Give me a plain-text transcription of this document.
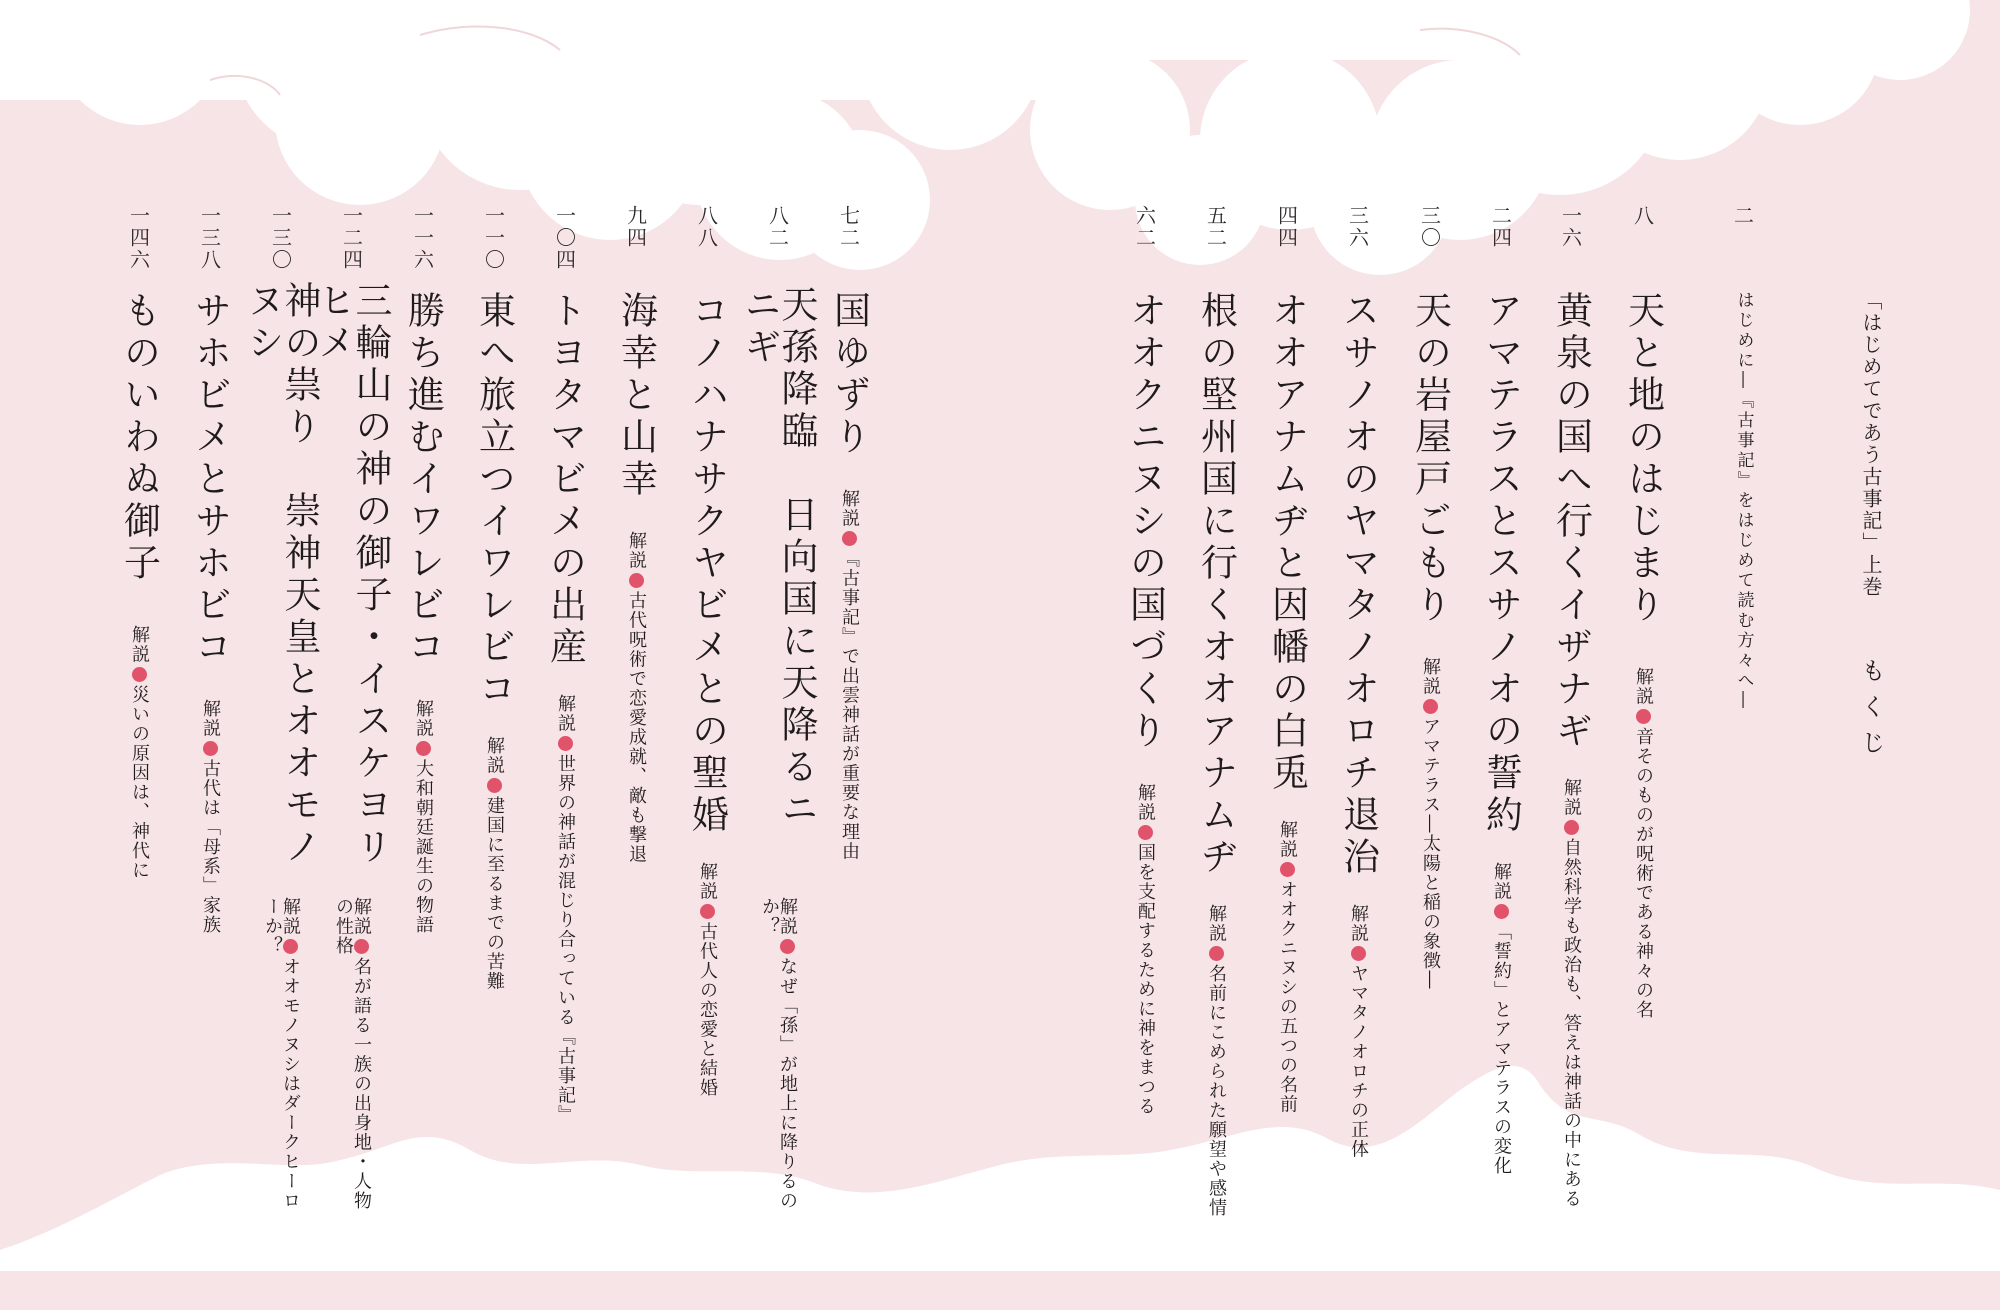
「はじめてであう古事記」上巻
もくじ
二
はじめに―『古事記』をはじめて読む方々へ―
八
天と地のはじまり
解説音そのものが呪術である神々の名
一六
黄泉の国へ行くイザナギ
解説自然科学も政治も、答えは神話の中にある
二四
アマテラスとスサノオの誓約
解説「誓約」とアマテラスの変化
三〇
天の岩屋戸ごもり
解説アマテラス―太陽と稲の象徴―
三六
スサノオのヤマタノオロチ退治
解説ヤマタノオロチの正体
四四
オオアナムヂと因幡の白兎
解説オオクニヌシの五つの名前
五二
根の堅州国に行くオオアナムヂ
解説名前にこめられた願望や感情
六二
オオクニヌシの国づくり
解説国を支配するために神をまつる
七二
国ゆずり
解説『古事記』で出雲神話が重要な理由
八二
天孫降臨　日向国に天降るニニギ
解説なぜ「孫」が地上に降りるのか？
八八
コノハナサクヤビメとの聖婚
解説古代人の恋愛と結婚
九四
海幸と山幸
解説古代呪術で恋愛成就、敵も撃退
一〇四
トヨタマビメの出産
解説世界の神話が混じり合っている『古事記』
一一〇
東へ旅立つイワレビコ
解説建国に至るまでの苦難
一一六
勝ち進むイワレビコ
解説大和朝廷誕生の物語
一二四
三輪山の神の御子・イスケヨリヒメ
解説名が語る一族の出身地・人物の性格
一三〇
神の祟り　崇神天皇とオオモノヌシ
解説オオモノヌシはダークヒーローか？
一三八
サホビメとサホビコ
解説古代は「母系」家族
一四六
ものいわぬ御子
解説災いの原因は、神代に
